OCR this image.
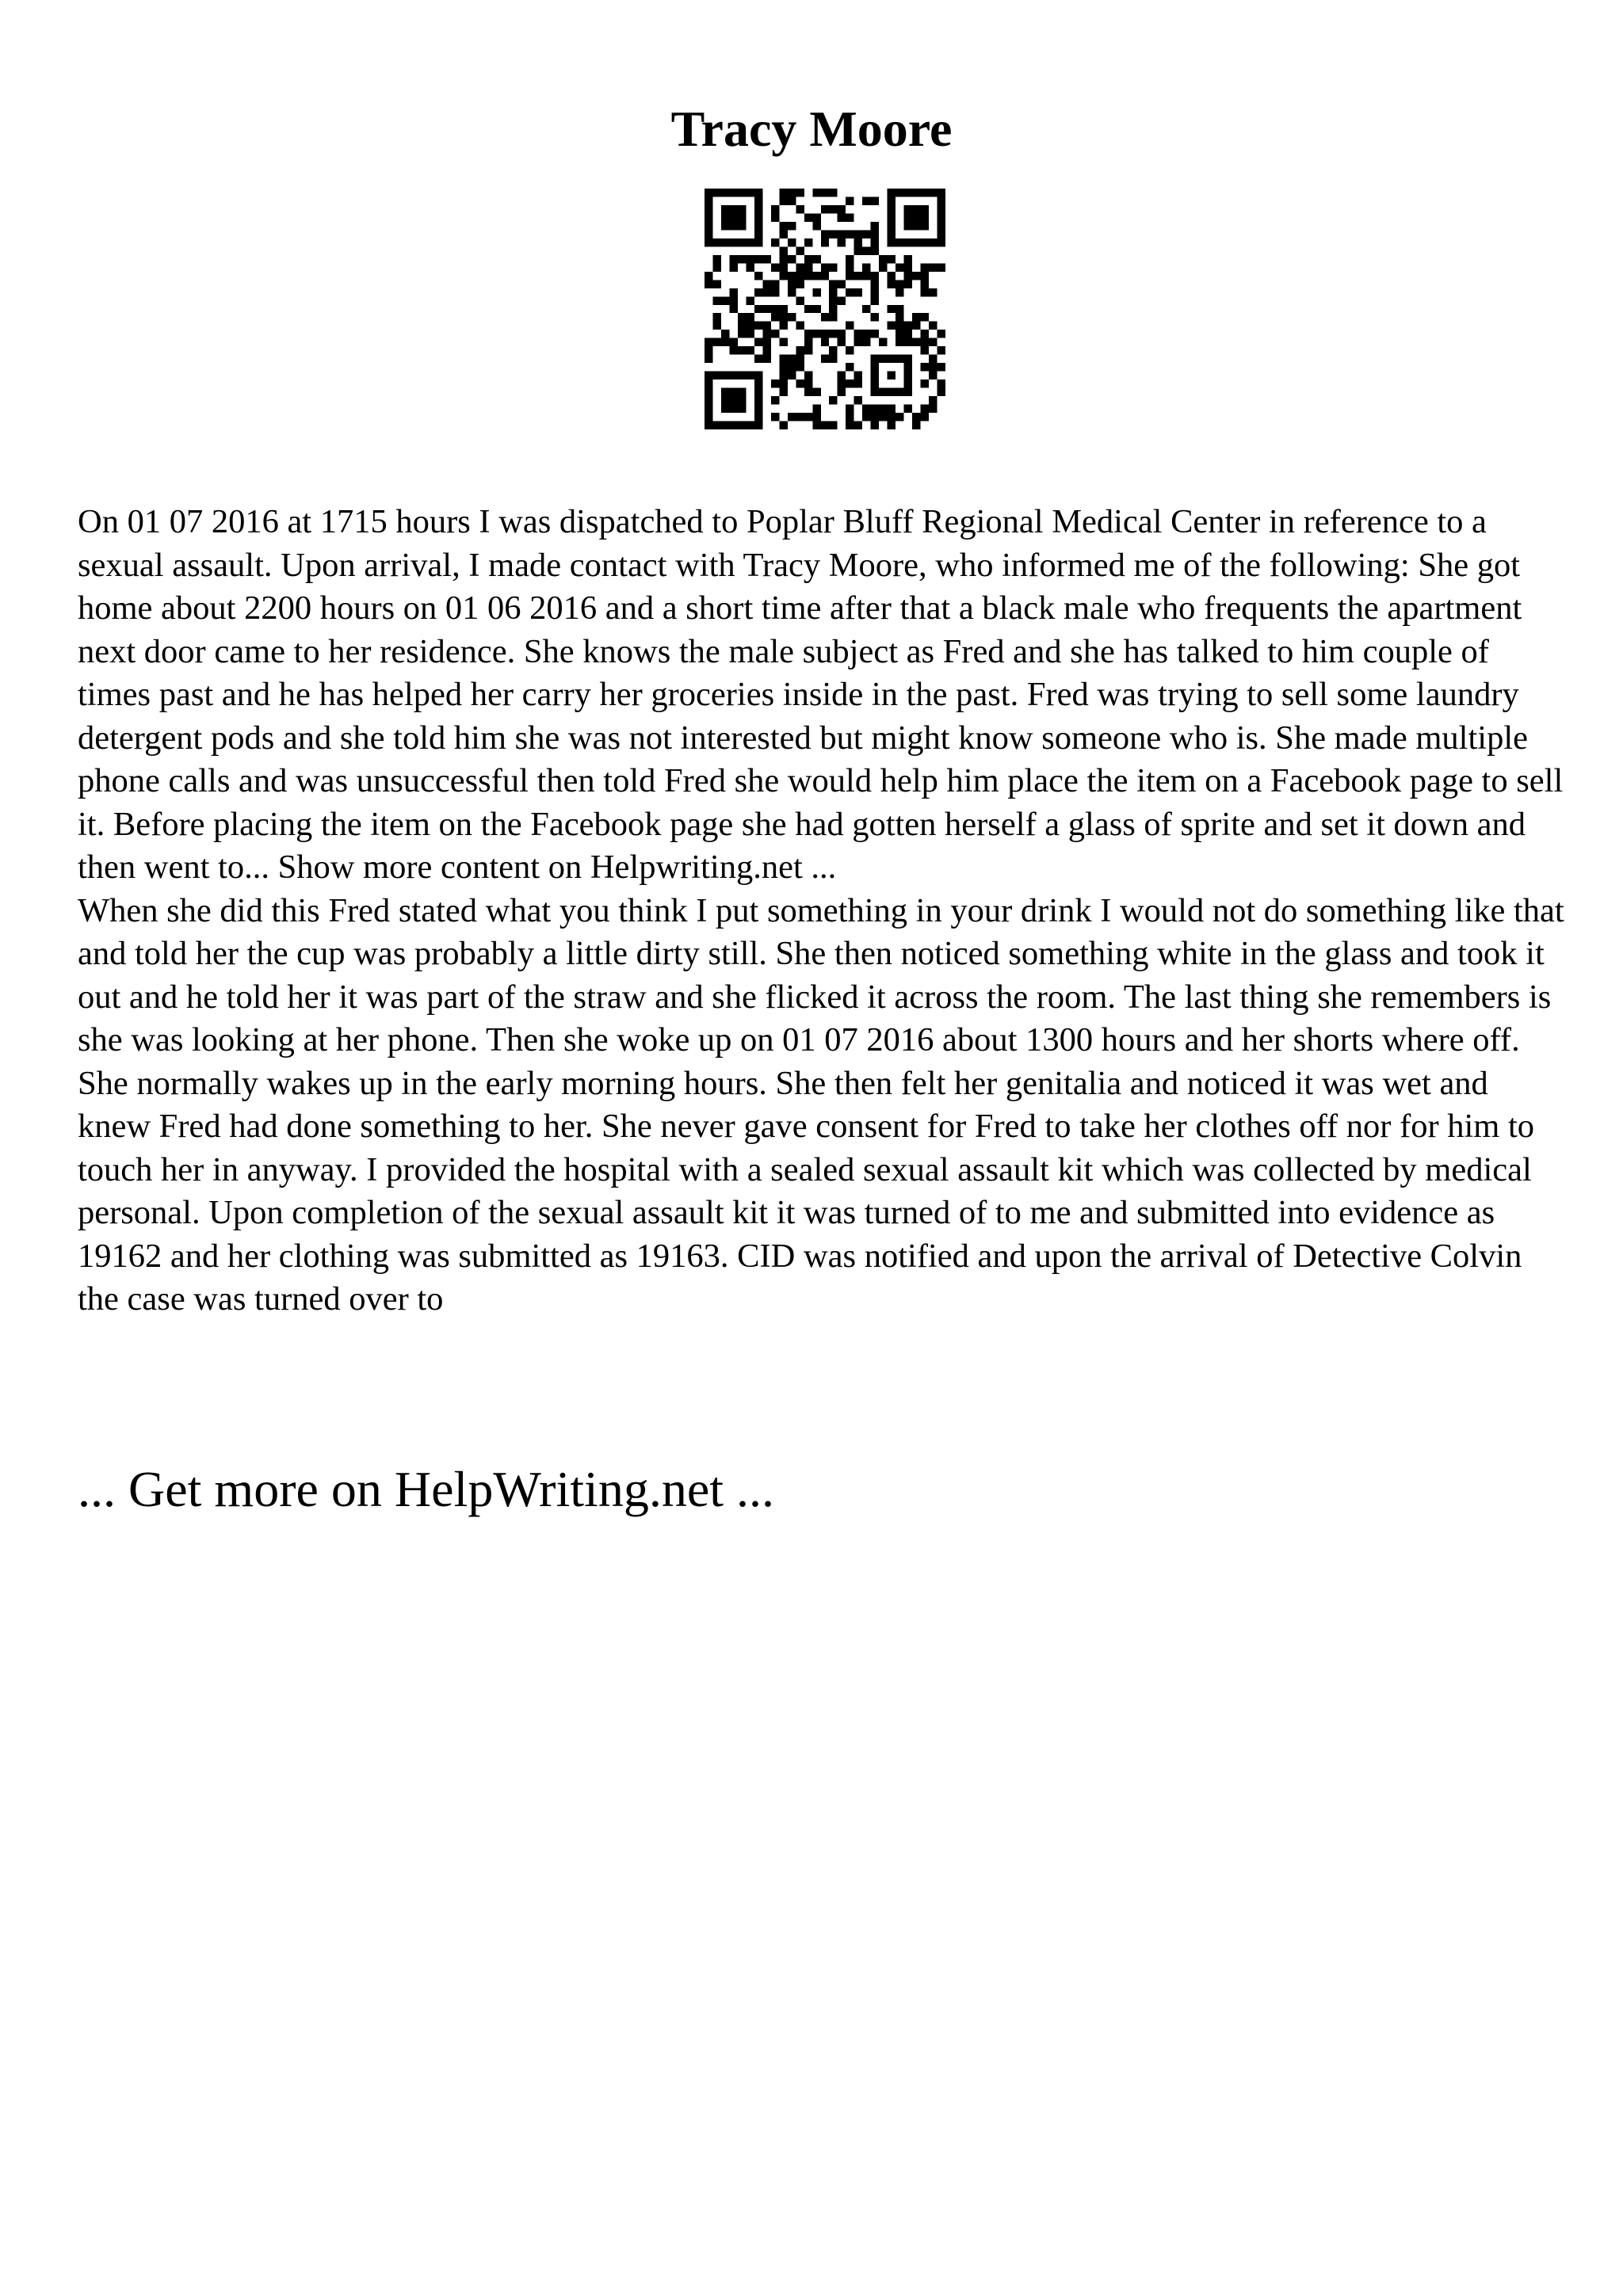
Tracy Moore
On 01 07 2016 at 1715 hours I was dispatched to Poplar Bluff Regional Medical Center in reference to a sexual assault. Upon arrival, I made contact with Tracy Moore, who informed me of the following: She got home about 2200 hours on 01 06 2016 and a short time after that a black male who frequents the apartment next door came to her residence. She knows the male subject as Fred and she has talked to him couple of times past and he has helped her carry her groceries inside in the past. Fred was trying to sell some laundry detergent pods and she told him she was not interested but might know someone who is. She made multiple phone calls and was unsuccessful then told Fred she would help him place the item on a Facebook page to sell it. Before placing the item on the Facebook page she had gotten herself a glass of sprite and set it down and then went to... Show more content on Helpwriting.net ...
When she did this Fred stated what you think I put something in your drink I would not do something like that and told her the cup was probably a little dirty still. She then noticed something white in the glass and took it out and he told her it was part of the straw and she flicked it across the room. The last thing she remembers is she was looking at her phone. Then she woke up on 01 07 2016 about 1300 hours and her shorts where off. She normally wakes up in the early morning hours. She then felt her genitalia and noticed it was wet and knew Fred had done something to her. She never gave consent for Fred to take her clothes off nor for him to touch her in anyway. I provided the hospital with a sealed sexual assault kit which was collected by medical personal. Upon completion of the sexual assault kit it was turned of to me and submitted into evidence as 19162 and her clothing was submitted as 19163. CID was notified and upon the arrival of Detective Colvin the case was turned over to
... Get more on HelpWriting.net ...
